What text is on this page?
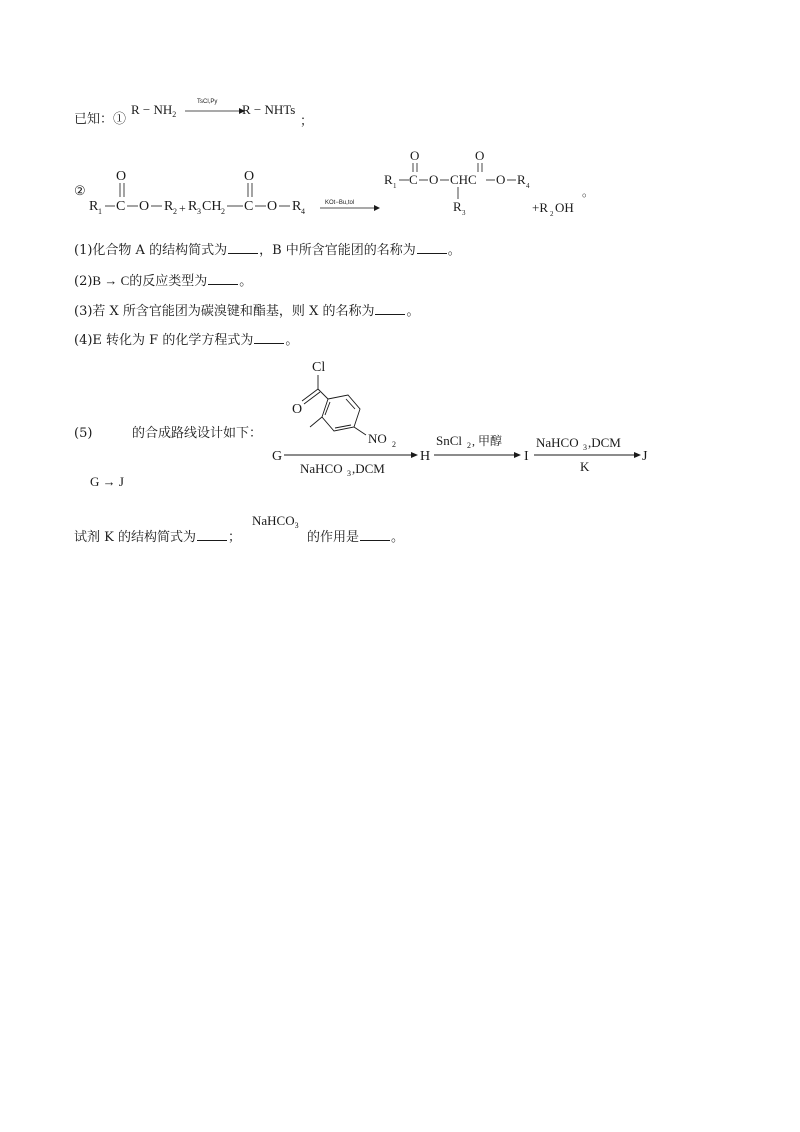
已知：①
$R - NH_2$
TsCl,Py R − NHTs
；
②
R 1 C
O
O R 2 + R 3 CH 2 C
O
O R 4
KOt−Bu,tol
R 1 C
O
O CHC
O
O R 4
R 3	+R 2 OH
。
(1)化合物 A 的结构简式为 ，B 中所含官能团的名称为 。
(2)B → C的反应类型为 。
(3)若 X 所含官能团为碳溴键和酯基，则 X 的名称为 。
(4)E 转化为 F 的化学方程式为 。
(5)	的合成路线设计如下：
Cl
O
NO 2
G
NaHCO 3 ,DCM
H
SnCl 2 , 甲醇
I
NaHCO 3 ,DCM
K
J
G → J
试剂 K 的结构简式为 ；
NaHCO$_3$
的作用是 。
